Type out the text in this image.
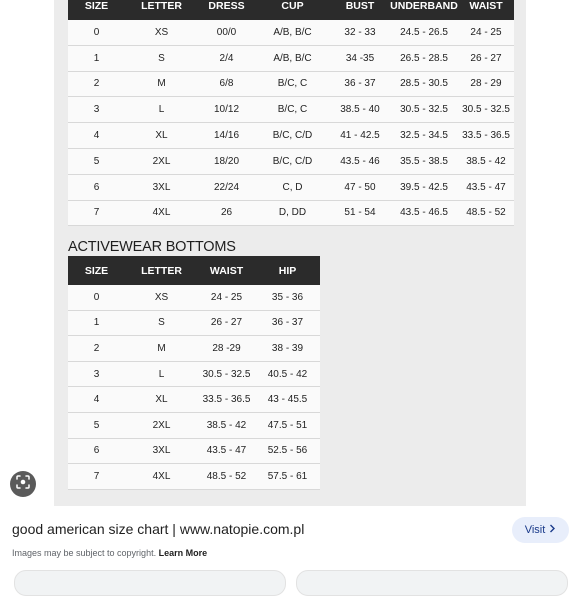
SIZE	LETTER	DRESS	CUP	BUST	UNDERBAND	WAIST
0	XS	00/0	A/B, B/C	32 - 33	24.5 - 26.5	24 - 25
1	S	2/4	A/B, B/C	34 -35	26.5 - 28.5	26 - 27
2	M	6/8	B/C, C	36 - 37	28.5 - 30.5	28 - 29
3	L	10/12	B/C, C	38.5 - 40	30.5 - 32.5	30.5 - 32.5
4	XL	14/16	B/C, C/D	41 - 42.5	32.5 - 34.5	33.5 - 36.5
5	2XL	18/20	B/C, C/D	43.5 - 46	35.5 - 38.5	38.5 - 42
6	3XL	22/24	C, D	47 - 50	39.5 - 42.5	43.5 - 47
7	4XL	26	D, DD	51 - 54	43.5 - 46.5	48.5 - 52
ACTIVEWEAR BOTTOMS
SIZE	LETTER	WAIST	HIP
0	XS	24 - 25	35 - 36
1	S	26 - 27	36 - 37
2	M	28 -29	38 - 39
3	L	30.5 - 32.5	40.5 - 42
4	XL	33.5 - 36.5	43 - 45.5
5	2XL	38.5 - 42	47.5 - 51
6	3XL	43.5 - 47	52.5 - 56
7	4XL	48.5 - 52	57.5 - 61
good american size chart | www.natopie.com.pl	Visit
Images may be subject to copyright. Learn More
